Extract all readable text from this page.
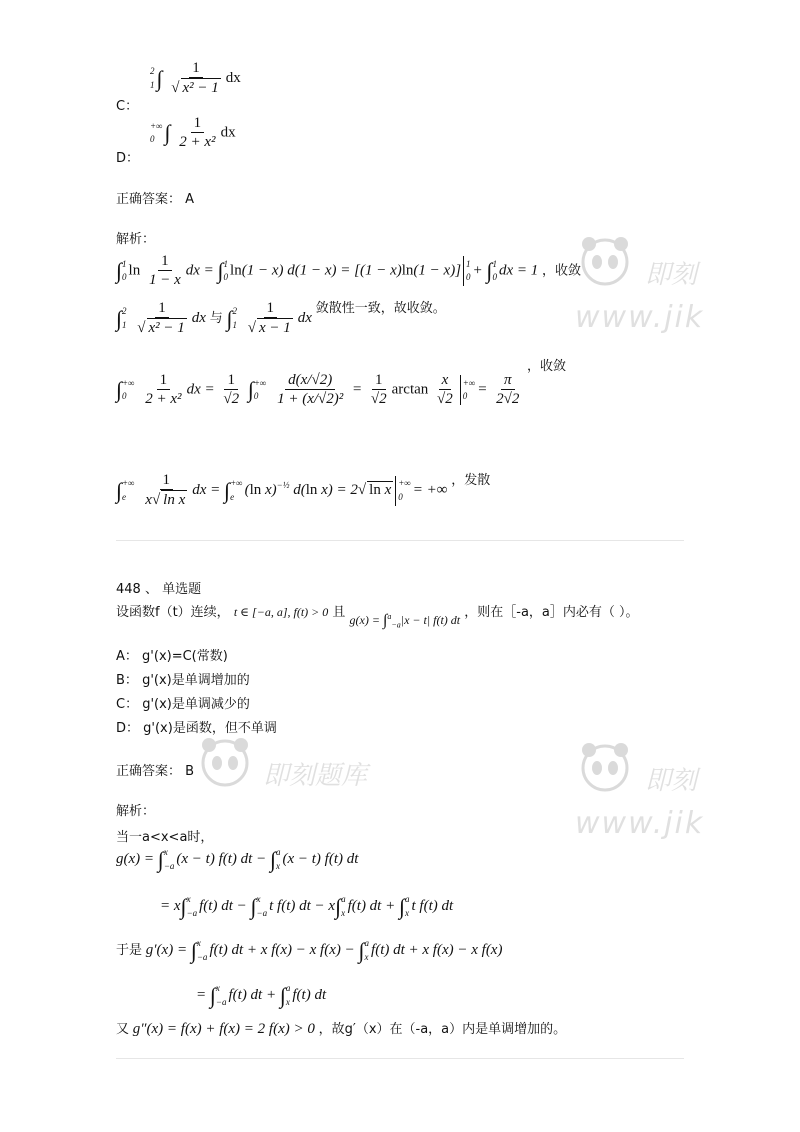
即刻
www.jik
即刻题库	即刻
www.jik
C：
2
1 ∫ $\frac{1}{\text{√ x² − 1}}$ dx
D：
+∞
0 ∫ $\frac{1}{\text{2 + x²}}$ dx
正确答案： A
解析：
∫ 1
0 $\ln \frac{1}{1 - x}$ dx = ∫ 1
0 ln(1 − x) d(1 − x) = [(1 − x)ln(1 − x)] 1
0 + ∫ 1
0 dx = 1 ，收敛
∫ 2
1
$\frac{1}{\text{√ x² − 1}}$ dx 与 ∫ 2
1
$\frac{1}{√ x - 1}$ dx 敛散性一致，故收敛。
∫ +∞
0
	$\frac{1}{\text{2 + x²}}$ dx = $\frac{1}{√2}$ ∫ +∞
0
	$\frac{d(x/√2)}{\text{1 + (x/√2)²}} = \frac{1}{√2}$ $\arctan \frac{x}{√2}$ +∞
$0 = \frac{\pi}{2√2}$
，收敛
∫ +∞
e
	$\frac{1}{\text{x√ ln x}}$ dx = ∫ +∞
e (ln x)$^{-\frac{1}{2}}$ d(ln x) = 2√ ln x +∞
0 = +∞ ，发散
448 、 单选题
设函数f（t）连续， t ∈ [−a, a], f(t) > 0 且 g(x) = ∫$^a_{-a}$|x − t| f(t) dt ，则在［-a，a］内必有（ ）。
A： g'(x)=C(常数)
B： g'(x)是单调增加的
C： g'(x)是单调减少的
D： g'(x)是函数，但不单调
正确答案： B
解析：
当一a<x<a时，
g(x) = ∫ x
−a (x − t) f(t) dt − ∫ a
x (x − t) f(t) dt
= x∫ x
−a f(t) dt − ∫ x
−a t f(t) dt − x∫ a
x f(t) dt + ∫ a
x t f(t) dt
于是 g′(x) = ∫ x
−a f(t) dt + x f(x) − x f(x) − ∫ a
x f(t) dt + x f(x) − x f(x)
= ∫ x
−a f(t) dt + ∫ a
x f(t) dt
又 g″(x) = f(x) + f(x) = 2 f(x) > 0 ，故g′（x）在（-a，a）内是单调增加的。
